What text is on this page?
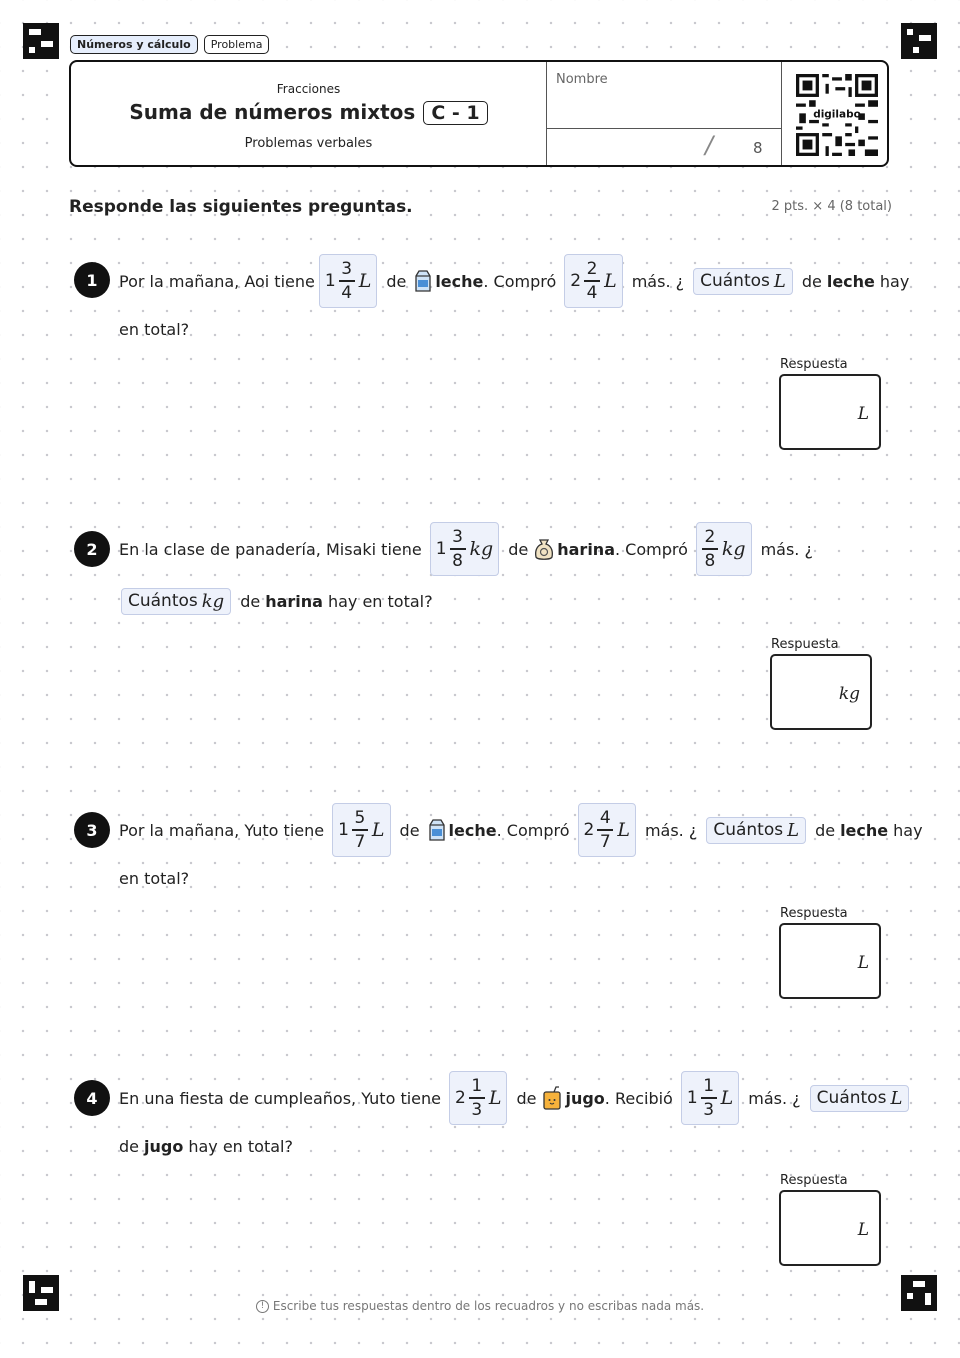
Números y cálculo	Problema
Fracciones
Suma de números mixtos C - 1
Problemas verbales
Nombre
/	8
digilabo
Responde las siguientes preguntas.	2 pts. × 4 (8 total)
1	Por la mañana, Aoi tiene $1 \frac{3}{4}$ L de leche . Compró $2 \frac{2}{4}$ L más. ¿ Cuántos L de leche hay
en total?
Respuesta
L
2	En la clase de panadería, Misaki tiene $1 \frac{3}{8}$ kg de harina . Compró $\frac{2}{8}$ kg más. ¿
Cuántos kg de harina hay en total?
Respuesta
kg
3	Por la mañana, Yuto tiene $1 \frac{5}{7}$ L de leche . Compró $2 \frac{4}{7}$ L más. ¿ Cuántos L de leche hay
en total?
Respuesta
L
4	En una fiesta de cumpleaños, Yuto tiene $2 \frac{1}{3}$ L de jugo . Recibió $1 \frac{1}{3}$ L más. ¿ Cuántos L
de jugo hay en total?
Respuesta
L
! Escribe tus respuestas dentro de los recuadros y no escribas nada más.
